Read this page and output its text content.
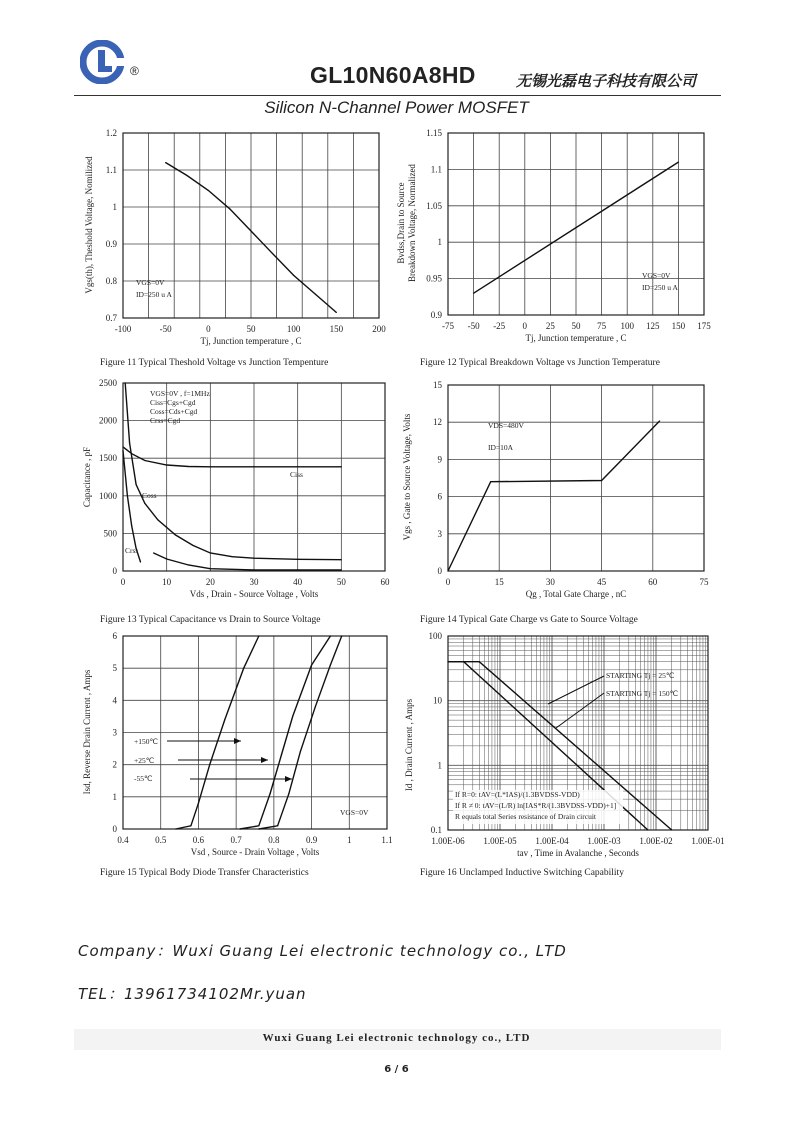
®	GL10N60A8HD	无锡光磊电子科技有限公司
Silicon N-Channel Power MOSFET
-100	-50	0	50	100	150	200
0.7
0.8
0.9
1
1.1
1.2
Tj, Junction temperature , C
Vgs(th), Theshold Voltage, Nomilized
Figure 11 Typical Theshold Voltage vs Junction Tempenture
VGS=0V
ID=250 u A
-75 -50 -25 0 25 50 75 100 125 150 175
0.9
0.95
1
1.05
1.1
1.15
Tj, Junction temperature , C
Bvdss,Drain to Source Breakdown Voltage, Normalized
Figure 12 Typical Breakdown Voltage vs Junction Temperature
VGS=0V
ID=250 u A
0	10	20	30	40	50	60
0
500
1000
1500
2000
2500
Vds , Drain - Source Voltage , Volts
Capacitance , pF
Figure 13 Typical Capacitance vs Drain to Source Voltage
VGS=0V , f=1MHz
Ciss=Cgs+Cgd
Coss=Cds+Cgd
Crss=Cgd
Ciss
Coss
Crss
0	15	30	45	60	75
0
3
6
9
12
15
Qg , Total Gate Charge , nC
Vgs , Gate to Source Voltage, Volts
Figure 14 Typical Gate Charge vs Gate to Source Voltage
VDS=480V
ID=10A
0.4	0.5	0.6	0.7	0.8	0.9	1	1.1
0
1
2
3
4
5
6
Vsd , Source - Drain Voltage , Volts
Isd, Reverse Drain Current , Amps
Figure 15 Typical Body Diode Transfer Characteristics
VGS=0V
+150℃
+25℃
-55℃
1.00E-06 1.00E-05 1.00E-04 1.00E-03 1.00E-02 1.00E-01
0.1
1
10
100
tav , Time in Avalanche , Seconds
Id , Drain Current , Amps
Figure 16 Unclamped Inductive Switching Capability
STARTING Tj = 25℃
STARTING Tj = 150℃
If R=0: tAV=(L*IAS)/(1.3BVDSS-VDD)
If R ≠ 0: tAV=(L/R) ln[IAS*R/(1.3BVDSS-VDD)+1]
R equals total Series resistance of Drain circuit
Company：Wuxi Guang Lei electronic technology co., LTD
TEL：13961734102Mr.yuan
Wuxi Guang Lei electronic technology co., LTD
6 / 6
